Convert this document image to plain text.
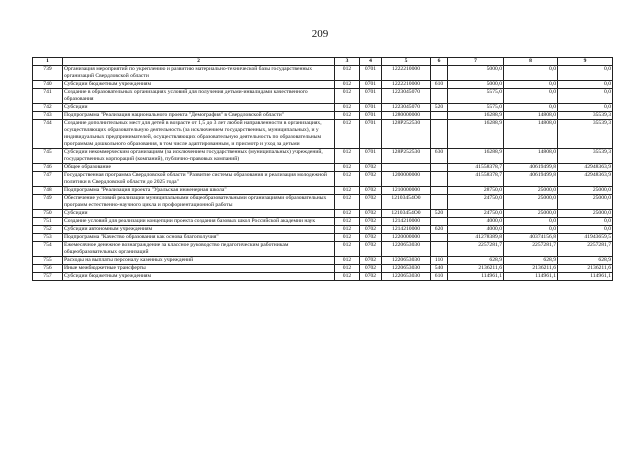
209
1	2	3	4	5	6	7	8	9
739	Организация мероприятий по укреплению и развитию материально-технической базы государственных организаций Свердловской области	012	0701	1222210000		5000,0	0,0	0,0
740	Субсидии бюджетным учреждениям	012	0701	1222210000	610	5000,0	0,0	0,0
741	Создание в образовательных организациях условий для получения детьми-инвалидами качественного образования	012	0701	1223045070		5575,0	0,0	0,0
742	Субсидии	012	0701	1223045070	520	5575,0	0,0	0,0
743	Подпрограмма "Реализация национального проекта "Демография" в Свердловской области"	012	0701	1280000000		16288,9	14808,0	35539,3
744	Создание дополнительных мест для детей в возрасте от 1,5 до 3 лет любой направленности в организациях, осуществляющих образовательную деятельность (за исключением государственных, муниципальных), и у индивидуальных предпринимателей, осуществляющих образовательную деятельность по образовательным программам дошкольного образования, в том числе адаптированным, и присмотр и уход за детьми	012	0701	128P252530		16288,9	14808,0	35539,3
745	Субсидии некоммерческим организациям (за исключением государственных (муниципальных) учреждений, государственных корпораций (компаний), публично-правовых компаний)	012	0701	128P252530	630	16288,9	14808,0	35539,3
746	Общее образование	012	0702			41558378,7	40619499,8	42948363,9
747	Государственная программа Свердловской области "Развитие системы образования и реализация молодежной политики в Свердловской области до 2025 года"	012	0702	1200000000		41558378,7	40619499,8	42948363,9
748	Подпрограмма "Реализация проекта "Уральская инженерная школа"	012	0702	1210000000		28750,0	25000,0	25000,0
749	Обеспечение условий реализации муниципальными общеобразовательными организациями образовательных программ естественно-научного цикла и профориентационной работы	012	0702	12103454О0		24750,0	25000,0	25000,0
750	Субсидии	012	0702	12103454О0	520	24750,0	25000,0	25000,0
751	Создание условий для реализации концепции проекта создания базовых школ Российской академии наук	012	0702	1214210000		4000,0	0,0	0,0
752	Субсидии автономным учреждениям	012	0702	1214210000	620	4000,0	0,0	0,0
753	Подпрограмма "Качество образования как основа благополучия"	012	0702	1220000000		41278389,8	40374156,8	41943659,5
754	Ежемесячное денежное вознаграждение за классное руководство педагогическим работникам общеобразовательных организаций	012	0702	1220653030		2257281,7	2257281,7	2257281,7
755	Расходы на выплаты персоналу казенных учреждений	012	0702	1220653030	110	628,9	628,9	628,9
756	Иные межбюджетные трансферты	012	0702	1220653030	540	2136211,6	2136211,6	2136211,6
757	Субсидии бюджетным учреждениям	012	0702	1220653030	610	114961,1	114961,1	114961,1
